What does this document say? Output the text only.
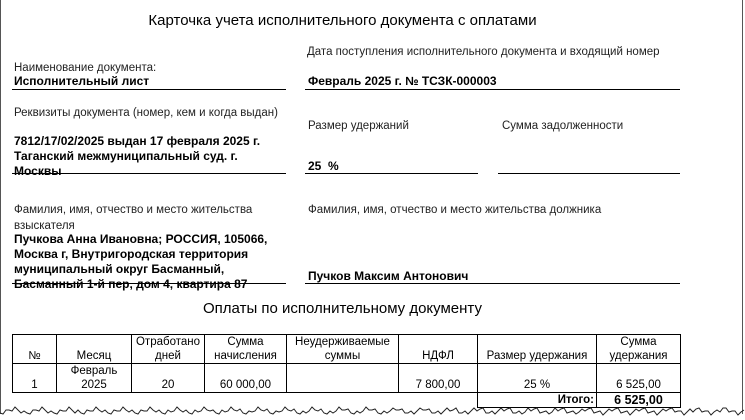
Карточка учета исполнительного документа с оплатами
Наименование документа:
Исполнительный лист
Дата поступления исполнительного документа и входящий номер
Февраль 2025 г. № ТСЗК-000003
Реквизиты документа (номер, кем и когда выдан)
7812/17/02/2025 выдан 17 февраля 2025 г. Таганский межмуниципальный суд. г. Москвы
Размер удержаний
25  %
Сумма задолженности
Фамилия, имя, отчество и место жительства взыскателя
Пучкова Анна Ивановна; РОССИЯ, 105066, Москва г, Внутригородская территория муниципальный округ Басманный, Басманный 1-й пер, дом 4, квартира 87
Фамилия, имя, отчество и место жительства должника
Пучков Максим Антонович
Оплаты по исполнительному документу
№	Месяц	Отработано дней	Сумма начисления	Неудерживаемые суммы	НДФЛ	Размер удержания	Сумма удержания
1	Февраль 2025	20	60 000,00		7 800,00	25 %	6 525,00
						Итого:	6 525,00
